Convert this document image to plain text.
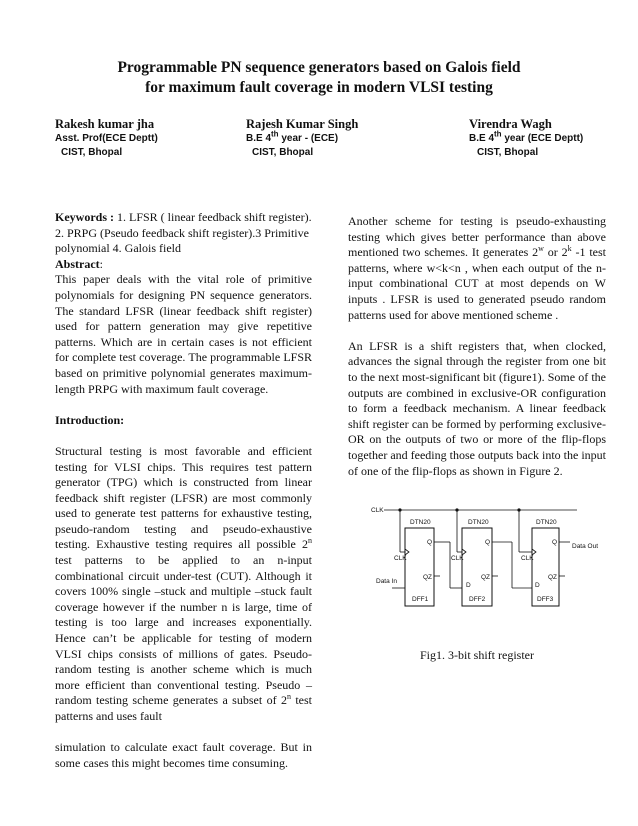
Programmable PN sequence generators based on Galois field
for maximum fault coverage in modern VLSI testing
Rakesh kumar jha
Asst. Prof(ECE Deptt)
CIST, Bhopal
Rajesh Kumar Singh
B.E 4th year - (ECE)
CIST, Bhopal
Virendra Wagh
B.E 4th year (ECE Deptt)
CIST, Bhopal

Keywords : 1. LFSR ( linear feedback shift register). 2. PRPG (Pseudo feedback shift register).3 Primitive polynomial 4. Galois field

Abstract:

This paper deals with the vital role of primitive polynomials for designing PN sequence generators. The standard LFSR (linear feedback shift register) used for pattern generation may give repetitive patterns. Which are in certain cases is not efficient for complete test coverage. The programmable LFSR based on primitive polynomial generates maximum-length PRPG with maximum fault coverage.

Introduction:

Structural testing is most favorable and efficient testing for VLSI chips. This requires test pattern generator (TPG) which is constructed from linear feedback shift register (LFSR) are most commonly used to generate test patterns for exhaustive testing, pseudo-random testing and pseudo-exhaustive testing. Exhaustive testing requires all possible 2$^n$ test patterns to be applied to an n-input combinational circuit under-test (CUT). Although it covers 100% single –stuck and multiple –stuck fault coverage however if the number n is large, time of testing is too large and increases exponentially. Hence can’t be applicable for testing of modern VLSI chips consists of millions of gates. Pseudo-random testing is another scheme which is much more efficient than conventional testing. Pseudo –random testing scheme generates a subset of 2$^n$ test patterns and uses fault

simulation to calculate exact fault coverage. But in some cases this might becomes time consuming.

Another scheme for testing is pseudo-exhausting testing which gives better performance than above mentioned two schemes. It generates 2$^w$ or 2$^k$ -1 test patterns, where w<k<n , when each output of the n-input combinational CUT at most depends on W inputs . LFSR is used to generated pseudo random patterns used for above mentioned scheme .

An LFSR is a shift registers that, when clocked, advances the signal through the register from one bit to the next most-significant bit (figure1). Some of the outputs are combined in exclusive-OR configuration to form a feedback mechanism. A linear feedback shift register can be formed by performing exclusive-OR on the outputs of two or more of the flip-flops together and feeding those outputs back into the input of one of the flip-flops as shown in Figure 2.

CLK
Data In
Data Out
DTN20	DTN20	DTN20
Q	Q	Q
CLK	CLK	CLK
QZ	QZ	QZ
D	D
DFF1	DFF2	DFF3
Fig1. 3-bit shift register
